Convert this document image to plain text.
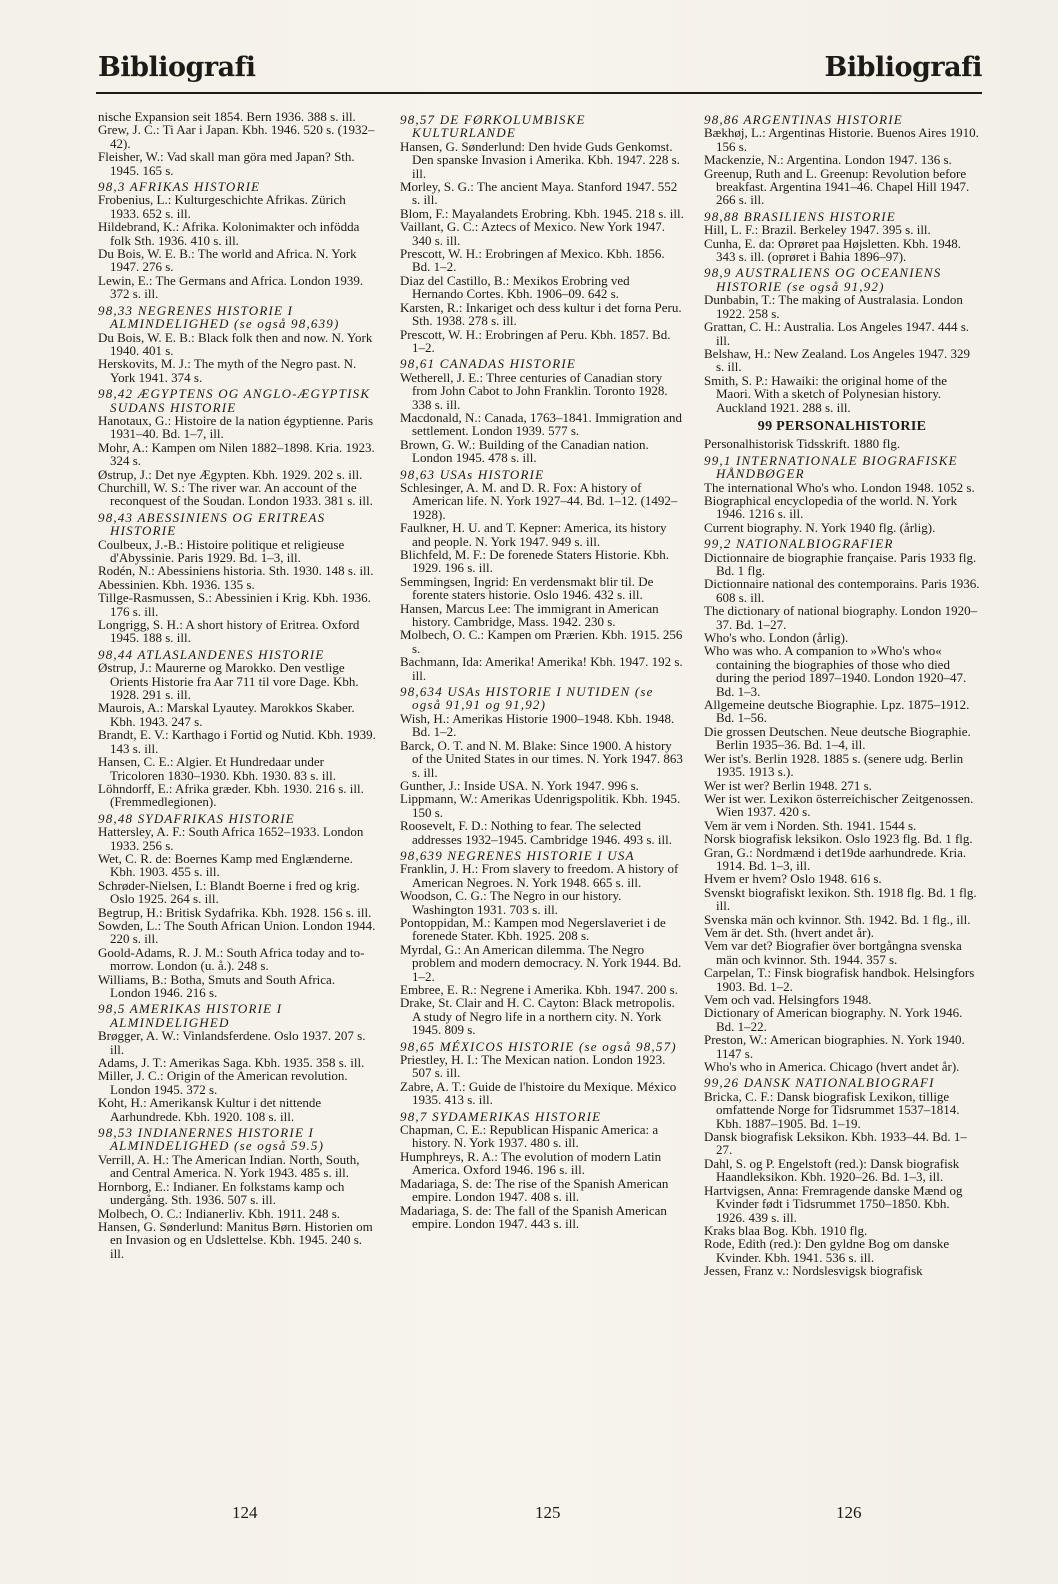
Bibliografi	Bibliografi

nische Expansion seit 1854. Bern 1936. 388 s. ill.

Grew, J. C.: Ti Aar i Japan. Kbh. 1946. 520 s. (1932–42).

Fleisher, W.: Vad skall man göra med Japan? Sth. 1945. 165 s.

98,3 AFRIKAS HISTORIE

Frobenius, L.: Kulturgeschichte Afrikas. Zürich 1933. 652 s. ill.

Hildebrand, K.: Afrika. Kolonimakter och infödda folk Sth. 1936. 410 s. ill.

Du Bois, W. E. B.: The world and Africa. N. York 1947. 276 s.

Lewin, E.: The Germans and Africa. London 1939. 372 s. ill.

98,33 NEGRENES HISTORIE I ALMINDELIGHED (se også 98,639)

Du Bois, W. E. B.: Black folk then and now. N. York 1940. 401 s.

Herskovits, M. J.: The myth of the Negro past. N. York 1941. 374 s.

98,42 ÆGYPTENS OG ANGLO-ÆGYPTISK SUDANS HISTORIE

Hanotaux, G.: Histoire de la nation égyptienne. Paris 1931–40. Bd. 1–7, ill.

Mohr, A.: Kampen om Nilen 1882–1898. Kria. 1923. 324 s.

Østrup, J.: Det nye Ægypten. Kbh. 1929. 202 s. ill.

Churchill, W. S.: The river war. An account of the reconquest of the Soudan. London 1933. 381 s. ill.

98,43 ABESSINIENS OG ERITREAS HISTORIE

Coulbeux, J.-B.: Histoire politique et religieuse d'Abyssinie. Paris 1929. Bd. 1–3, ill.

Rodén, N.: Abessiniens historia. Sth. 1930. 148 s. ill.

Abessinien. Kbh. 1936. 135 s.

Tillge-Rasmussen, S.: Abessinien i Krig. Kbh. 1936. 176 s. ill.

Longrigg, S. H.: A short history of Eritrea. Oxford 1945. 188 s. ill.

98,44 ATLASLANDENES HISTORIE

Østrup, J.: Maurerne og Marokko. Den vestlige Orients Historie fra Aar 711 til vore Dage. Kbh. 1928. 291 s. ill.

Maurois, A.: Marskal Lyautey. Marokkos Skaber. Kbh. 1943. 247 s.

Brandt, E. V.: Karthago i Fortid og Nutid. Kbh. 1939. 143 s. ill.

Hansen, C. E.: Algier. Et Hundredaar under Tricoloren 1830–1930. Kbh. 1930. 83 s. ill.

Löhndorff, E.: Afrika græder. Kbh. 1930. 216 s. ill. (Fremmedlegionen).

98,48 SYDAFRIKAS HISTORIE

Hattersley, A. F.: South Africa 1652–1933. London 1933. 256 s.

Wet, C. R. de: Boernes Kamp med Englænderne. Kbh. 1903. 455 s. ill.

Schrøder-Nielsen, I.: Blandt Boerne i fred og krig. Oslo 1925. 264 s. ill.

Begtrup, H.: Britisk Sydafrika. Kbh. 1928. 156 s. ill.

Sowden, L.: The South African Union. London 1944. 220 s. ill.

Goold-Adams, R. J. M.: South Africa today and to-morrow. London (u. å.). 248 s.

Williams, B.: Botha, Smuts and South Africa. London 1946. 216 s.

98,5 AMERIKAS HISTORIE I ALMINDELIGHED

Brøgger, A. W.: Vinlandsferdene. Oslo 1937. 207 s. ill.

Adams, J. T.: Amerikas Saga. Kbh. 1935. 358 s. ill.

Miller, J. C.: Origin of the American revolution. London 1945. 372 s.

Koht, H.: Amerikansk Kultur i det nittende Aarhundrede. Kbh. 1920. 108 s. ill.

98,53 INDIANERNES HISTORIE I ALMINDELIGHED (se også 59.5)

Verrill, A. H.: The American Indian. North, South, and Central America. N. York 1943. 485 s. ill.

Hornborg, E.: Indianer. En folkstams kamp och undergång. Sth. 1936. 507 s. ill.

Molbech, O. C.: Indianerliv. Kbh. 1911. 248 s.

Hansen, G. Sønderlund: Manitus Børn. Historien om en Invasion og en Udslettelse. Kbh. 1945. 240 s. ill.

98,57 DE FØRKOLUMBISKE KULTURLANDE

Hansen, G. Sønderlund: Den hvide Guds Genkomst. Den spanske Invasion i Amerika. Kbh. 1947. 228 s. ill.

Morley, S. G.: The ancient Maya. Stanford 1947. 552 s. ill.

Blom, F.: Mayalandets Erobring. Kbh. 1945. 218 s. ill.

Vaillant, G. C.: Aztecs of Mexico. New York 1947. 340 s. ill.

Prescott, W. H.: Erobringen af Mexico. Kbh. 1856. Bd. 1–2.

Diaz del Castillo, B.: Mexikos Erobring ved Hernando Cortes. Kbh. 1906–09. 642 s.

Karsten, R.: Inkariget och dess kultur i det forna Peru. Sth. 1938. 278 s. ill.

Prescott, W. H.: Erobringen af Peru. Kbh. 1857. Bd. 1–2.

98,61 CANADAS HISTORIE

Wetherell, J. E.: Three centuries of Canadian story from John Cabot to John Franklin. Toronto 1928. 338 s. ill.

Macdonald, N.: Canada, 1763–1841. Immigration and settlement. London 1939. 577 s.

Brown, G. W.: Building of the Canadian nation. London 1945. 478 s. ill.

98,63 USAs HISTORIE

Schlesinger, A. M. and D. R. Fox: A history of American life. N. York 1927–44. Bd. 1–12. (1492–1928).

Faulkner, H. U. and T. Kepner: America, its history and people. N. York 1947. 949 s. ill.

Blichfeld, M. F.: De forenede Staters Historie. Kbh. 1929. 196 s. ill.

Semmingsen, Ingrid: En verdensmakt blir til. De forente staters historie. Oslo 1946. 432 s. ill.

Hansen, Marcus Lee: The immigrant in American history. Cambridge, Mass. 1942. 230 s.

Molbech, O. C.: Kampen om Prærien. Kbh. 1915. 256 s.

Bachmann, Ida: Amerika! Amerika! Kbh. 1947. 192 s. ill.

98,634 USAs HISTORIE I NUTIDEN (se også 91,91 og 91,92)

Wish, H.: Amerikas Historie 1900–1948. Kbh. 1948. Bd. 1–2.

Barck, O. T. and N. M. Blake: Since 1900. A history of the United States in our times. N. York 1947. 863 s. ill.

Gunther, J.: Inside USA. N. York 1947. 996 s.

Lippmann, W.: Amerikas Udenrigspolitik. Kbh. 1945. 150 s.

Roosevelt, F. D.: Nothing to fear. The selected addresses 1932–1945. Cambridge 1946. 493 s. ill.

98,639 NEGRENES HISTORIE I USA

Franklin, J. H.: From slavery to freedom. A history of American Negroes. N. York 1948. 665 s. ill.

Woodson, C. G.: The Negro in our history. Washington 1931. 703 s. ill.

Pontoppidan, M.: Kampen mod Negerslaveriet i de forenede Stater. Kbh. 1925. 208 s.

Myrdal, G.: An American dilemma. The Negro problem and modern democracy. N. York 1944. Bd. 1–2.

Embree, E. R.: Negrene i Amerika. Kbh. 1947. 200 s.

Drake, St. Clair and H. C. Cayton: Black metropolis. A study of Negro life in a northern city. N. York 1945. 809 s.

98,65 MÉXICOS HISTORIE (se også 98,57)

Priestley, H. I.: The Mexican nation. London 1923. 507 s. ill.

Zabre, A. T.: Guide de l'histoire du Mexique. México 1935. 413 s. ill.

98,7 SYDAMERIKAS HISTORIE

Chapman, C. E.: Republican Hispanic America: a history. N. York 1937. 480 s. ill.

Humphreys, R. A.: The evolution of modern Latin America. Oxford 1946. 196 s. ill.

Madariaga, S. de: The rise of the Spanish American empire. London 1947. 408 s. ill.

Madariaga, S. de: The fall of the Spanish American empire. London 1947. 443 s. ill.

98,86 ARGENTINAS HISTORIE

Bækhøj, L.: Argentinas Historie. Buenos Aires 1910. 156 s.

Mackenzie, N.: Argentina. London 1947. 136 s.

Greenup, Ruth and L. Greenup: Revolution before breakfast. Argentina 1941–46. Chapel Hill 1947. 266 s. ill.

98,88 BRASILIENS HISTORIE

Hill, L. F.: Brazil. Berkeley 1947. 395 s. ill.

Cunha, E. da: Oprøret paa Højsletten. Kbh. 1948. 343 s. ill. (oprøret i Bahia 1896–97).

98,9 AUSTRALIENS OG OCEANIENS HISTORIE (se også 91,92)

Dunbabin, T.: The making of Australasia. London 1922. 258 s.

Grattan, C. H.: Australia. Los Angeles 1947. 444 s. ill.

Belshaw, H.: New Zealand. Los Angeles 1947. 329 s. ill.

Smith, S. P.: Hawaiki: the original home of the Maori. With a sketch of Polynesian history. Auckland 1921. 288 s. ill.

99 PERSONALHISTORIE

Personalhistorisk Tidsskrift. 1880 flg.

99,1 INTERNATIONALE BIOGRAFISKE HÅNDBØGER

The international Who's who. London 1948. 1052 s.

Biographical encyclopedia of the world. N. York 1946. 1216 s. ill.

Current biography. N. York 1940 flg. (årlig).

99,2 NATIONALBIOGRAFIER

Dictionnaire de biographie française. Paris 1933 flg. Bd. 1 flg.

Dictionnaire national des contemporains. Paris 1936. 608 s. ill.

The dictionary of national biography. London 1920–37. Bd. 1–27.

Who's who. London (årlig).

Who was who. A companion to »Who's who« containing the biographies of those who died during the period 1897–1940. London 1920–47. Bd. 1–3.

Allgemeine deutsche Biographie. Lpz. 1875–1912. Bd. 1–56.

Die grossen Deutschen. Neue deutsche Biographie. Berlin 1935–36. Bd. 1–4, ill.

Wer ist's. Berlin 1928. 1885 s. (senere udg. Berlin 1935. 1913 s.).

Wer ist wer? Berlin 1948. 271 s.

Wer ist wer. Lexikon österreichischer Zeitgenossen. Wien 1937. 420 s.

Vem är vem i Norden. Sth. 1941. 1544 s.

Norsk biografisk leksikon. Oslo 1923 flg. Bd. 1 flg.

Gran, G.: Nordmænd i det19de aarhundrede. Kria. 1914. Bd. 1–3, ill.

Hvem er hvem? Oslo 1948. 616 s.

Svenskt biografiskt lexikon. Sth. 1918 flg. Bd. 1 flg. ill.

Svenska män och kvinnor. Sth. 1942. Bd. 1 flg., ill.

Vem är det. Sth. (hvert andet år).

Vem var det? Biografier över bortgångna svenska män och kvinnor. Sth. 1944. 357 s.

Carpelan, T.: Finsk biografisk handbok. Helsingfors 1903. Bd. 1–2.

Vem och vad. Helsingfors 1948.

Dictionary of American biography. N. York 1946. Bd. 1–22.

Preston, W.: American biographies. N. York 1940. 1147 s.

Who's who in America. Chicago (hvert andet år).

99,26 DANSK NATIONALBIOGRAFI

Bricka, C. F.: Dansk biografisk Lexikon, tillige omfattende Norge for Tidsrummet 1537–1814. Kbh. 1887–1905. Bd. 1–19.

Dansk biografisk Leksikon. Kbh. 1933–44. Bd. 1–27.

Dahl, S. og P. Engelstoft (red.): Dansk biografisk Haandleksikon. Kbh. 1920–26. Bd. 1–3, ill.

Hartvigsen, Anna: Fremragende danske Mænd og Kvinder født i Tidsrummet 1750–1850. Kbh. 1926. 439 s. ill.

Kraks blaa Bog. Kbh. 1910 flg.

Rode, Edith (red.): Den gyldne Bog om danske Kvinder. Kbh. 1941. 536 s. ill.

Jessen, Franz v.: Nordslesvigsk biografisk

124	125	126
